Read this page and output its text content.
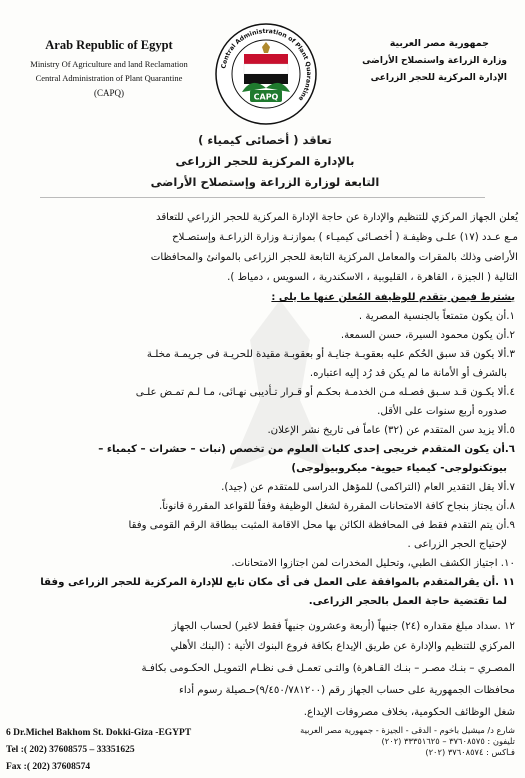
Arab Republic of Egypt
Ministry Of Agriculture and land Reclamation
Central Administration of Plant Quarantine
(CAPQ)
Central Administration of Plant Quarantine
CAPQ
جمهورية مصر العربية
وزارة الزراعة واستصلاح الأراضى
الإدارة المركزية للحجر الزراعى
تعاقد ( أخصائى كيمياء )
بالإدارة المركزية للحجر الزراعى
التابعة لوزارة الزراعة وإستصلاح الأراضى
يُعلن الجهاز المركزي للتنظيم والإدارة عن حاجة الإدارة المركزية للحجر الزراعي للتعاقد
مـع عـدد (١٧) علـى وظيفـة ( أخصـائى كيميـاء ) بموازنـة وزارة الزراعـة وإستصـلاح
الأراضى وذلك بالمقرات والمعامل المركزية التابعة للحجر الزراعى بالموانئ والمحافظات
التالية ( الجيزة ، القاهرة ، القليوبية ، الاسكندرية ، السويس ، دمياط ).
يشترط فيمن يتقدم للوظيفة المُعلن عنها ما يلى :
١.أن يكون متمتعاً بالجنسية المصرية .
٢.أن يكون محمود السيرة، حسن السمعة.
٣.ألا يكون قد سبق الحُكم عليه بعقوبـة جنايـة أو بعقوبـة مقيدة للحريـة فى جريمـة مخلـة
بالشرف أو الأمانة ما لم يكن قد رُد إليه اعتباره.
٤.ألا يكـون قـد سـبق فصـله مـن الخدمـة بحكـم أو قـرار تـأديبى نهـائى، مـا لـم تمـض علـى
صدوره أربع سنوات على الأقل.
٥.ألا يزيد سن المتقدم عن (٣٢) عاماً فى تاريخ نشر الإعلان.
٦.أن يكون المتقدم خريجى إحدى كليات العلوم من تخصص (نبات – حشرات – كيمياء –
بيوتكنولوجى- كيمياء حيوية- ميكروبيولوجى)
٧.ألا يقل التقدير العام (التراكمى) للمؤهل الدراسى للمتقدم عن (جيد).
٨.أن يجتاز بنجاح كافة الامتحانات المقررة لشغل الوظيفة وفقاً للقواعد المقررة قانوناً.
٩.أن يتم التقدم فقط فى المحافظة الكائن بها محل الاقامة المثبت ببطاقة الرقم القومى وفقا
لإحتياج الحجر الزراعى .
١٠. اجتياز الكشف الطبي، وتحليل المخدرات لمن اجتازوا الامتحانات.
١١ .أن يقرالمتقدم بالموافقة على العمل فى أى مكان تابع للإدارة المركزية للحجر الزراعى وفقا
لما تقتضية حاجة العمل بالحجر الزراعى.
١٢ .سداد مبلغ مقداره (٢٤) جنيهاً (أربعة وعشرون جنيهاً فقط لاغير) لحساب الجهاز
المركزي للتنظيم والإدارة عن طريق الإيداع بكافة فروع البنوك الأتية : (البنك الأهلي
المصـري – بنـك مصـر – بنـك القـاهرة) والتـى تعمـل فـى نظـام التمويـل الحكـومى بكافـة
محافظات الجمهورية على حساب الجهاز رقم (٩/٤٥٠/٧٨١٢٠٠)حـصيلة رسوم أداء
شغل الوظائف الحكومية، بخلاف مصروفات الإيداع.
6 Dr.Michel Bakhom St. Dokki-Giza -EGYPT
Tel :( 202) 37608575 – 33351625
Fax :( 202) 37608574
شارع د/ ميشيل باخوم - الدقى - الجيزة - جمهورية مصر العربية
تليفون : ٣٧٦٠٨٥٧٥ – ٣٣٣٥١٦٢٥ (٢٠٢)
فـاكس : ٣٧٦٠٨٥٧٤ (٢٠٢)
